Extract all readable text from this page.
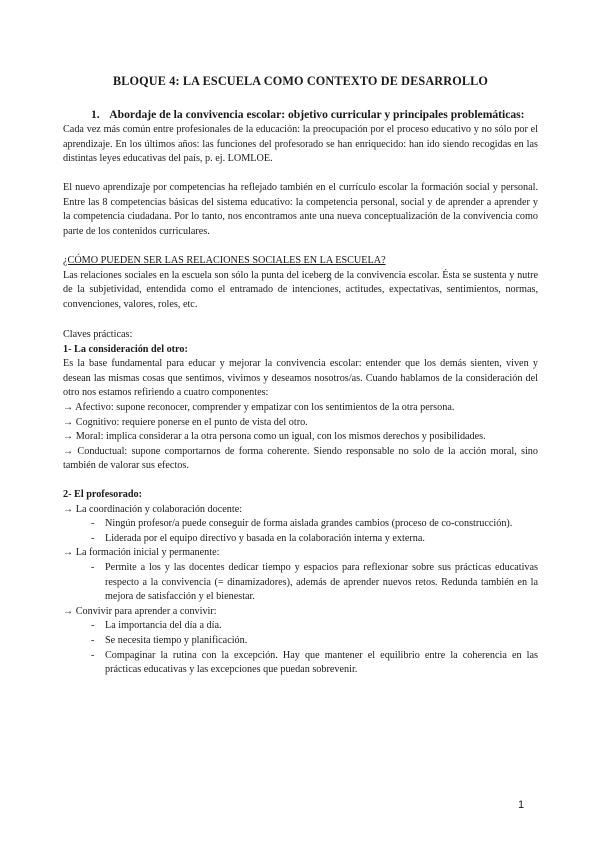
BLOQUE 4: LA ESCUELA COMO CONTEXTO DE DESARROLLO
1. Abordaje de la convivencia escolar: objetivo curricular y principales problemáticas:

Cada vez más común entre profesionales de la educación: la preocupación por el proceso educativo y no sólo por el aprendizaje. En los últimos años: las funciones del profesorado se han enriquecido: han ido siendo recogidas en las distintas leyes educativas del país, p. ej. LOMLOE.

El nuevo aprendizaje por competencias ha reflejado también en el currículo escolar la formación social y personal. Entre las 8 competencias básicas del sistema educativo: la competencia personal, social y de aprender a aprender y la competencia ciudadana. Por lo tanto, nos encontramos ante una nueva conceptualización de la convivencia como parte de los contenidos curriculares.

¿CÓMO PUEDEN SER LAS RELACIONES SOCIALES EN LA ESCUELA?

Las relaciones sociales en la escuela son sólo la punta del iceberg de la convivencia escolar. Ésta se sustenta y nutre de la subjetividad, entendida como el entramado de intenciones, actitudes, expectativas, sentimientos, normas, convenciones, valores, roles, etc.

Claves prácticas:

1- La consideración del otro:

Es la base fundamental para educar y mejorar la convivencia escolar: entender que los demás sienten, viven y desean las mismas cosas que sentimos, vivimos y deseamos nosotros/as. Cuando hablamos de la consideración del otro nos estamos refiriendo a cuatro componentes:

→ Afectivo: supone reconocer, comprender y empatizar con los sentimientos de la otra persona.

→ Cognitivo: requiere ponerse en el punto de vista del otro.

→ Moral: implica considerar a la otra persona como un igual, con los mismos derechos y posibilidades.

→ Conductual: supone comportarnos de forma coherente. Siendo responsable no solo de la acción moral, sino también de valorar sus efectos.

2- El profesorado:

→ La coordinación y colaboración docente:

- Ningún profesor/a puede conseguir de forma aislada grandes cambios (proceso de co-construcción).
- Liderada por el equipo directivo y basada en la colaboración interna y externa.

→ La formación inicial y permanente:

- Permite a los y las docentes dedicar tiempo y espacios para reflexionar sobre sus prácticas educativas respecto a la convivencia (= dinamizadores), además de aprender nuevos retos. Redunda también en la mejora de satisfacción y el bienestar.

→ Convivir para aprender a convivir:

- La importancia del día a día.
- Se necesita tiempo y planificación.
- Compaginar la rutina con la excepción. Hay que mantener el equilibrio entre la coherencia en las prácticas educativas y las excepciones que puedan sobrevenir.
1
